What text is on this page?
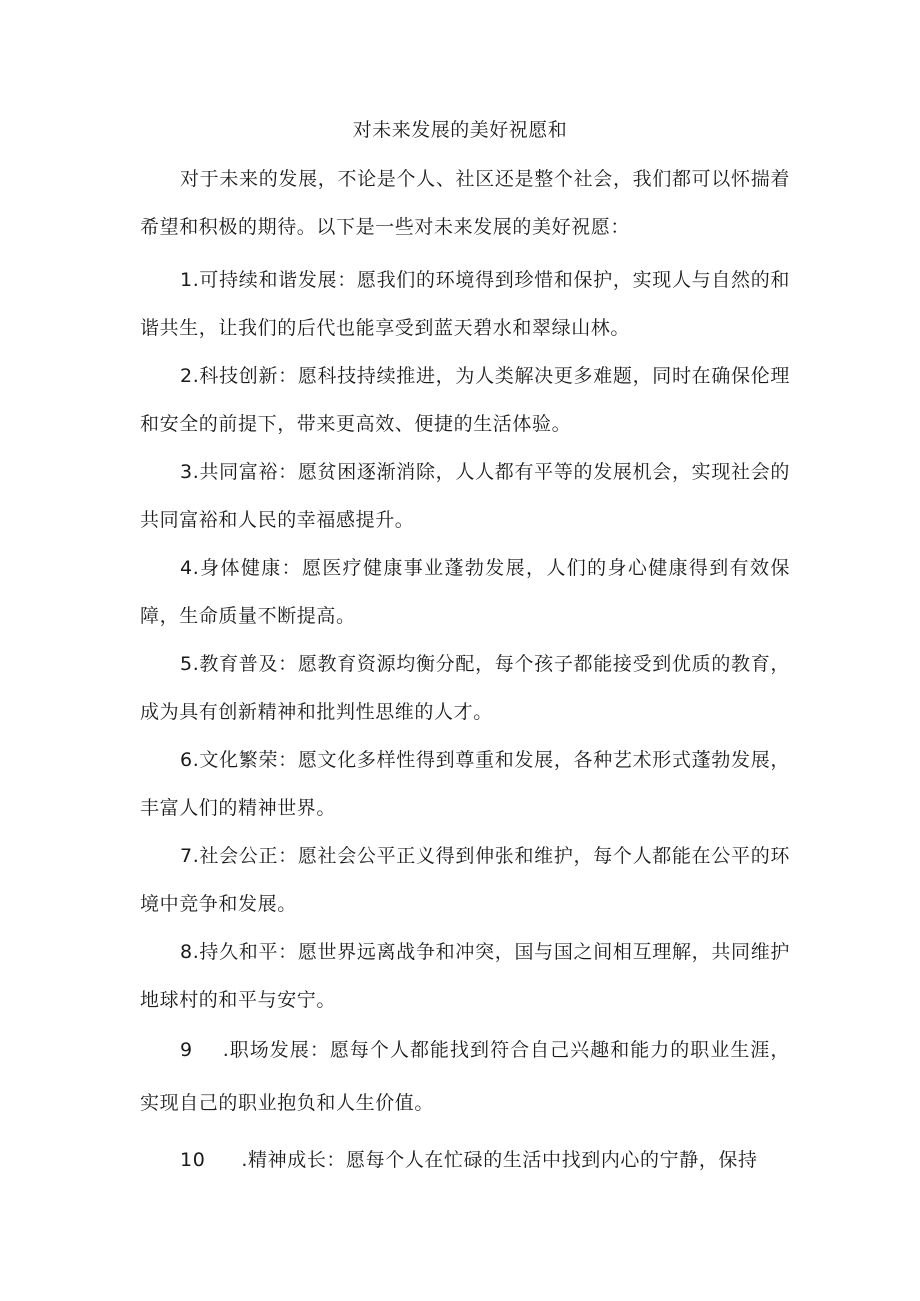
对未来发展的美好祝愿和

对于未来的发展，不论是个人、社区还是整个社会，我们都可以怀揣着希望和积极的期待。以下是一些对未来发展的美好祝愿：

1.可持续和谐发展：愿我们的环境得到珍惜和保护，实现人与自然的和谐共生，让我们的后代也能享受到蓝天碧水和翠绿山林。

2.科技创新：愿科技持续推进，为人类解决更多难题，同时在确保伦理和安全的前提下，带来更高效、便捷的生活体验。

3.共同富裕：愿贫困逐渐消除，人人都有平等的发展机会，实现社会的共同富裕和人民的幸福感提升。

4.身体健康：愿医疗健康事业蓬勃发展，人们的身心健康得到有效保障，生命质量不断提高。

5.教育普及：愿教育资源均衡分配，每个孩子都能接受到优质的教育，成为具有创新精神和批判性思维的人才。

6.文化繁荣：愿文化多样性得到尊重和发展，各种艺术形式蓬勃发展，丰富人们的精神世界。

7.社会公正：愿社会公平正义得到伸张和维护，每个人都能在公平的环境中竞争和发展。

8.持久和平：愿世界远离战争和冲突，国与国之间相互理解，共同维护地球村的和平与安宁。

9 .职场发展：愿每个人都能找到符合自己兴趣和能力的职业生涯，实现自己的职业抱负和人生价值。

10 .精神成长：愿每个人在忙碌的生活中找到内心的宁静，保持
